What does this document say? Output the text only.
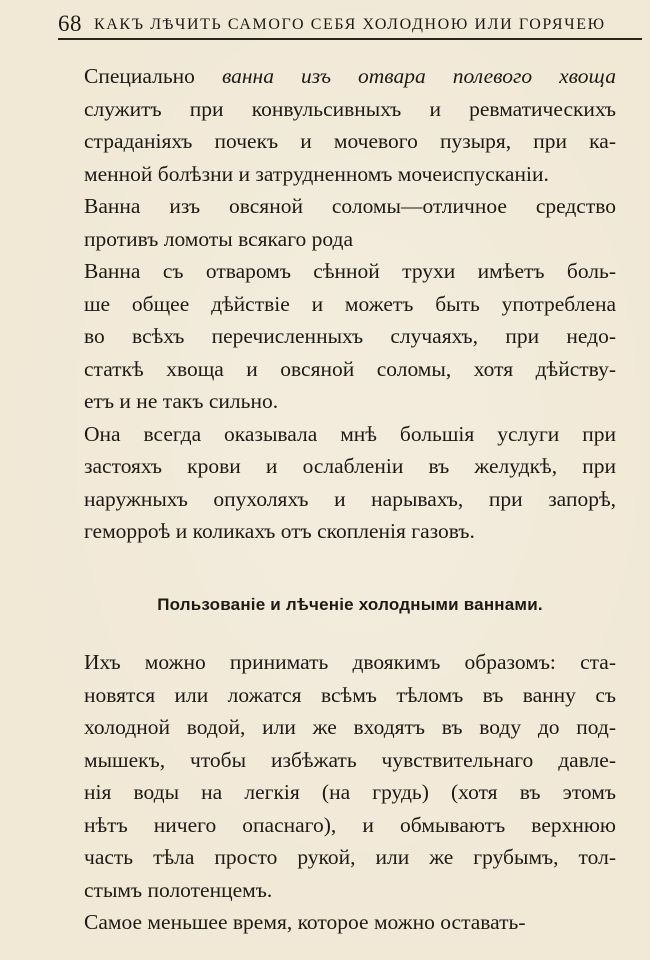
68 КАКЪ ЛѢЧИТЬ САМОГО СЕБЯ ХОЛОДНОЮ ИЛИ ГОРЯЧЕЮ
Специально ванна изъ отвара полевого хвоща
служитъ при конвульсивныхъ и ревматическихъ
страданіяхъ почекъ и мочевого пузыря, при ка-
менной болѣзни и затрудненномъ мочеиспусканіи.
Ванна изъ овсяной соломы—отличное средство
противъ ломоты всякаго рода
Ванна съ отваромъ сѣнной трухи имѣетъ боль-
ше общее дѣйствіе и можетъ быть употреблена
во всѣхъ перечисленныхъ случаяхъ, при недо-
статкѣ хвоща и овсяной соломы, хотя дѣйству-
етъ и не такъ сильно.
Она всегда оказывала мнѣ большія услуги при
застояхъ крови и ослабленіи въ желудкѣ, при
наружныхъ опухоляхъ и нарывахъ, при запорѣ,
геморроѣ и коликахъ отъ скопленія газовъ.
Пользованіе и лѣченіе холодными ваннами.
Ихъ можно принимать двоякимъ образомъ: ста-
новятся или ложатся всѣмъ тѣломъ въ ванну съ
холодной водой, или же входятъ въ воду до под-
мышекъ, чтобы избѣжать чувствительнаго давле-
нія воды на легкія (на грудь) (хотя въ этомъ
нѣтъ ничего опаснаго), и обмываютъ верхнюю
часть тѣла просто рукой, или же грубымъ, тол-
стымъ полотенцемъ.
Самое меньшее время, которое можно оставать-
